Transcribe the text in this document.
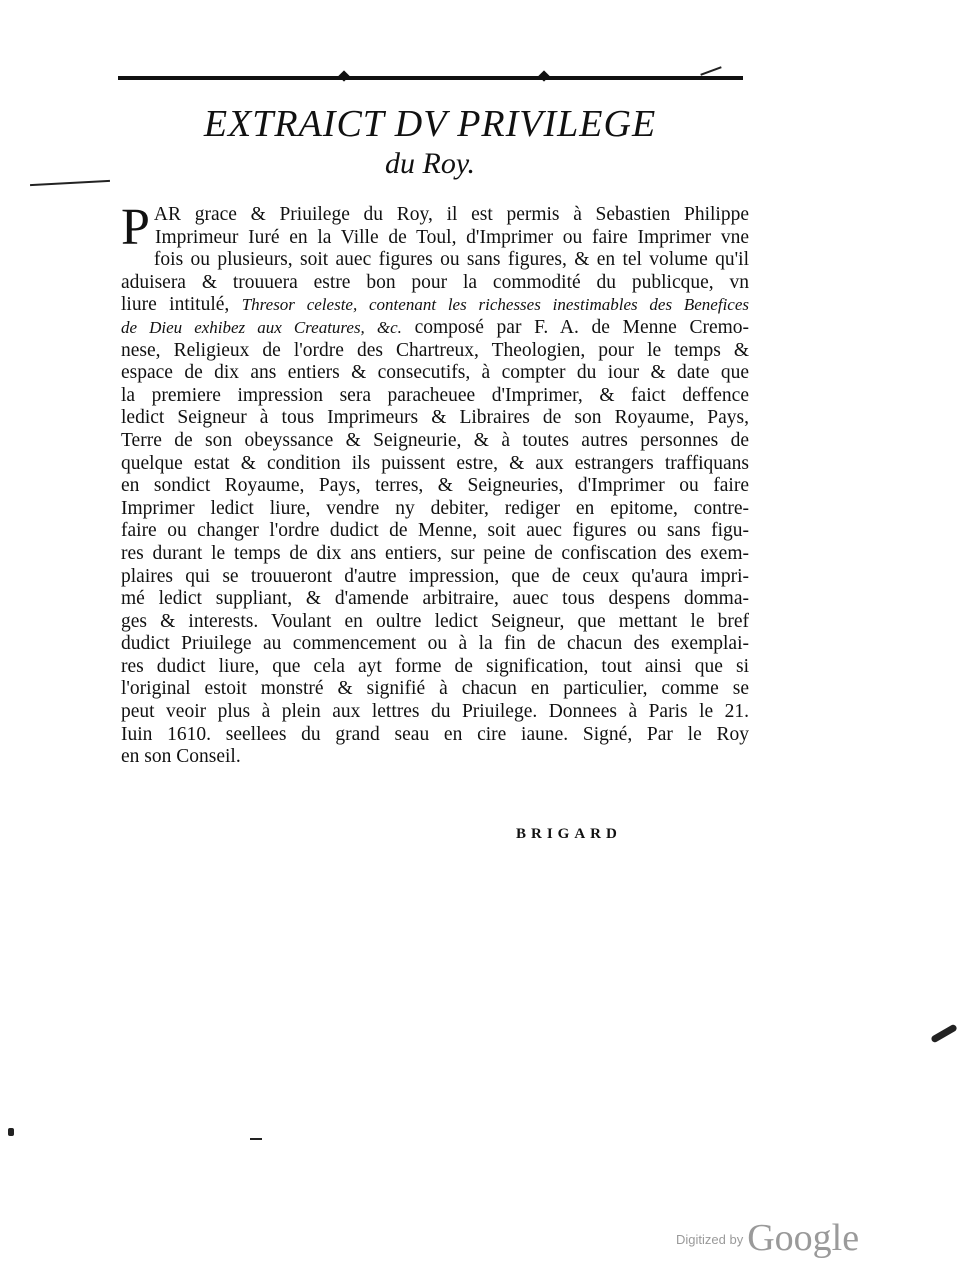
EXTRAICT DV PRIVILEGE
du Roy.
PAR grace & Priuilege du Roy, il est permis à Sebastien Philippe
Imprimeur Iuré en la Ville de Toul, d'Imprimer ou faire Imprimer vne
fois ou plusieurs, soit auec figures ou sans figures, & en tel volume qu'il
aduisera & trouuera estre bon pour la commodité du publicque, vn
liure intitulé, Thresor celeste, contenant les richesses inestimables des Benefices
de Dieu exhibez aux Creatures, &c. composé par F. A. de Menne Cremo-
nese, Religieux de l'ordre des Chartreux, Theologien, pour le temps &
espace de dix ans entiers & consecutifs, à compter du iour & date que
la premiere impression sera paracheuee d'Imprimer, & faict deffence
ledict Seigneur à tous Imprimeurs & Libraires de son Royaume, Pays,
Terre de son obeyssance & Seigneurie, & à toutes autres personnes de
quelque estat & condition ils puissent estre, & aux estrangers traffiquans
en sondict Royaume, Pays, terres, & Seigneuries, d'Imprimer ou faire
Imprimer ledict liure, vendre ny debiter, rediger en epitome, contre-
faire ou changer l'ordre dudict de Menne, soit auec figures ou sans figu-
res durant le temps de dix ans entiers, sur peine de confiscation des exem-
plaires qui se trouueront d'autre impression, que de ceux qu'aura impri-
mé ledict suppliant, & d'amende arbitraire, auec tous despens domma-
ges & interests. Voulant en oultre ledict Seigneur, que mettant le bref
dudict Priuilege au commencement ou à la fin de chacun des exemplai-
res dudict liure, que cela ayt forme de signification, tout ainsi que si
l'original estoit monstré & signifié à chacun en particulier, comme se
peut veoir plus à plein aux lettres du Priuilege. Donnees à Paris le 21.
Iuin 1610. seellees du grand seau en cire iaune. Signé, Par le Roy
en son Conseil.
BRIGARD
$^{Digitized by}$ Google
